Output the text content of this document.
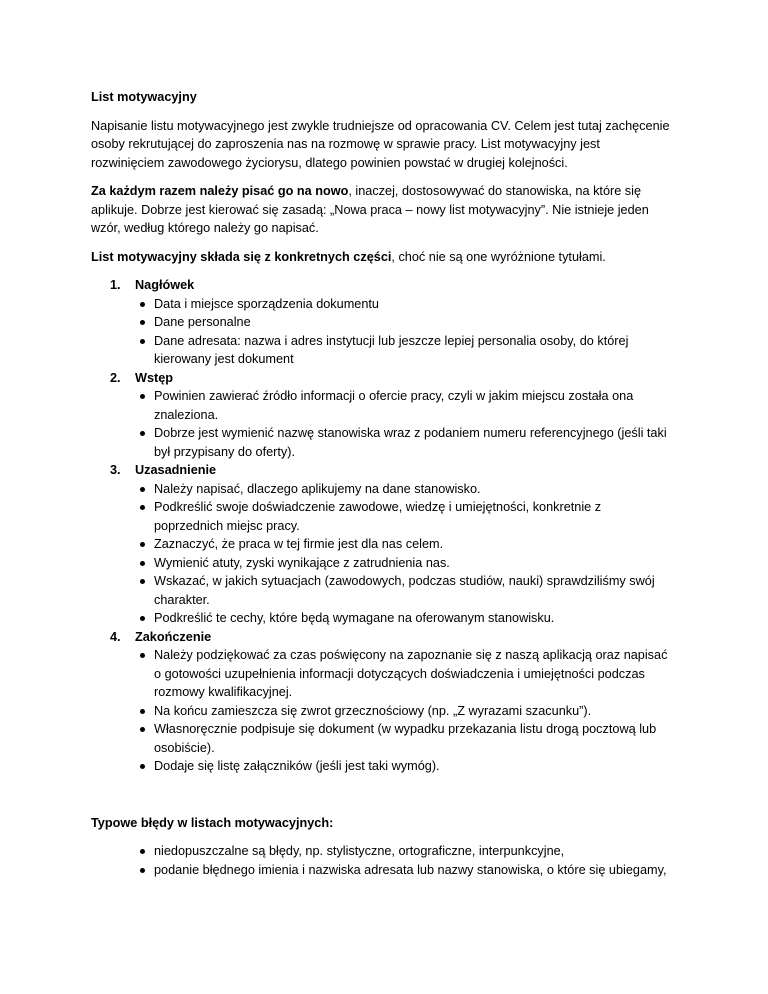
List motywacyjny

Napisanie listu motywacyjnego jest zwykle trudniejsze od opracowania CV. Celem jest tutaj zachęcenie osoby rekrutującej do zaproszenia nas na rozmowę w sprawie pracy. List motywacyjny jest rozwinięciem zawodowego życiorysu, dlatego powinien powstać w drugiej kolejności.

Za każdym razem należy pisać go na nowo, inaczej, dostosowywać do stanowiska, na które się aplikuje. Dobrze jest kierować się zasadą: „Nowa praca – nowy list motywacyjny”. Nie istnieje jeden wzór, według którego należy go napisać.

List motywacyjny składa się z konkretnych części, choć nie są one wyróżnione tytułami.

1. Nagłówek
Data i miejsce sporządzenia dokumentu
Dane personalne
Dane adresata: nazwa i adres instytucji lub jeszcze lepiej personalia osoby, do której kierowany jest dokument
2. Wstęp
Powinien zawierać źródło informacji o ofercie pracy, czyli w jakim miejscu została ona znaleziona.
Dobrze jest wymienić nazwę stanowiska wraz z podaniem numeru referencyjnego (jeśli taki był przypisany do oferty).
3. Uzasadnienie
Należy napisać, dlaczego aplikujemy na dane stanowisko.
Podkreślić swoje doświadczenie zawodowe, wiedzę i umiejętności, konkretnie z poprzednich miejsc pracy.
Zaznaczyć, że praca w tej firmie jest dla nas celem.
Wymienić atuty, zyski wynikające z zatrudnienia nas.
Wskazać, w jakich sytuacjach (zawodowych, podczas studiów, nauki) sprawdziliśmy swój charakter.
Podkreślić te cechy, które będą wymagane na oferowanym stanowisku.
4. Zakończenie
Należy podziękować za czas poświęcony na zapoznanie się z naszą aplikacją oraz napisać o gotowości uzupełnienia informacji dotyczących doświadczenia i umiejętności podczas rozmowy kwalifikacyjnej.
Na końcu zamieszcza się zwrot grzecznościowy (np. „Z wyrazami szacunku”).
Własnoręcznie podpisuje się dokument (w wypadku przekazania listu drogą pocztową lub osobiście).
Dodaje się listę załączników (jeśli jest taki wymóg).
Typowe błędy w listach motywacyjnych:
niedopuszczalne są błędy, np. stylistyczne, ortograficzne, interpunkcyjne,
podanie błędnego imienia i nazwiska adresata lub nazwy stanowiska, o które się ubiegamy,
